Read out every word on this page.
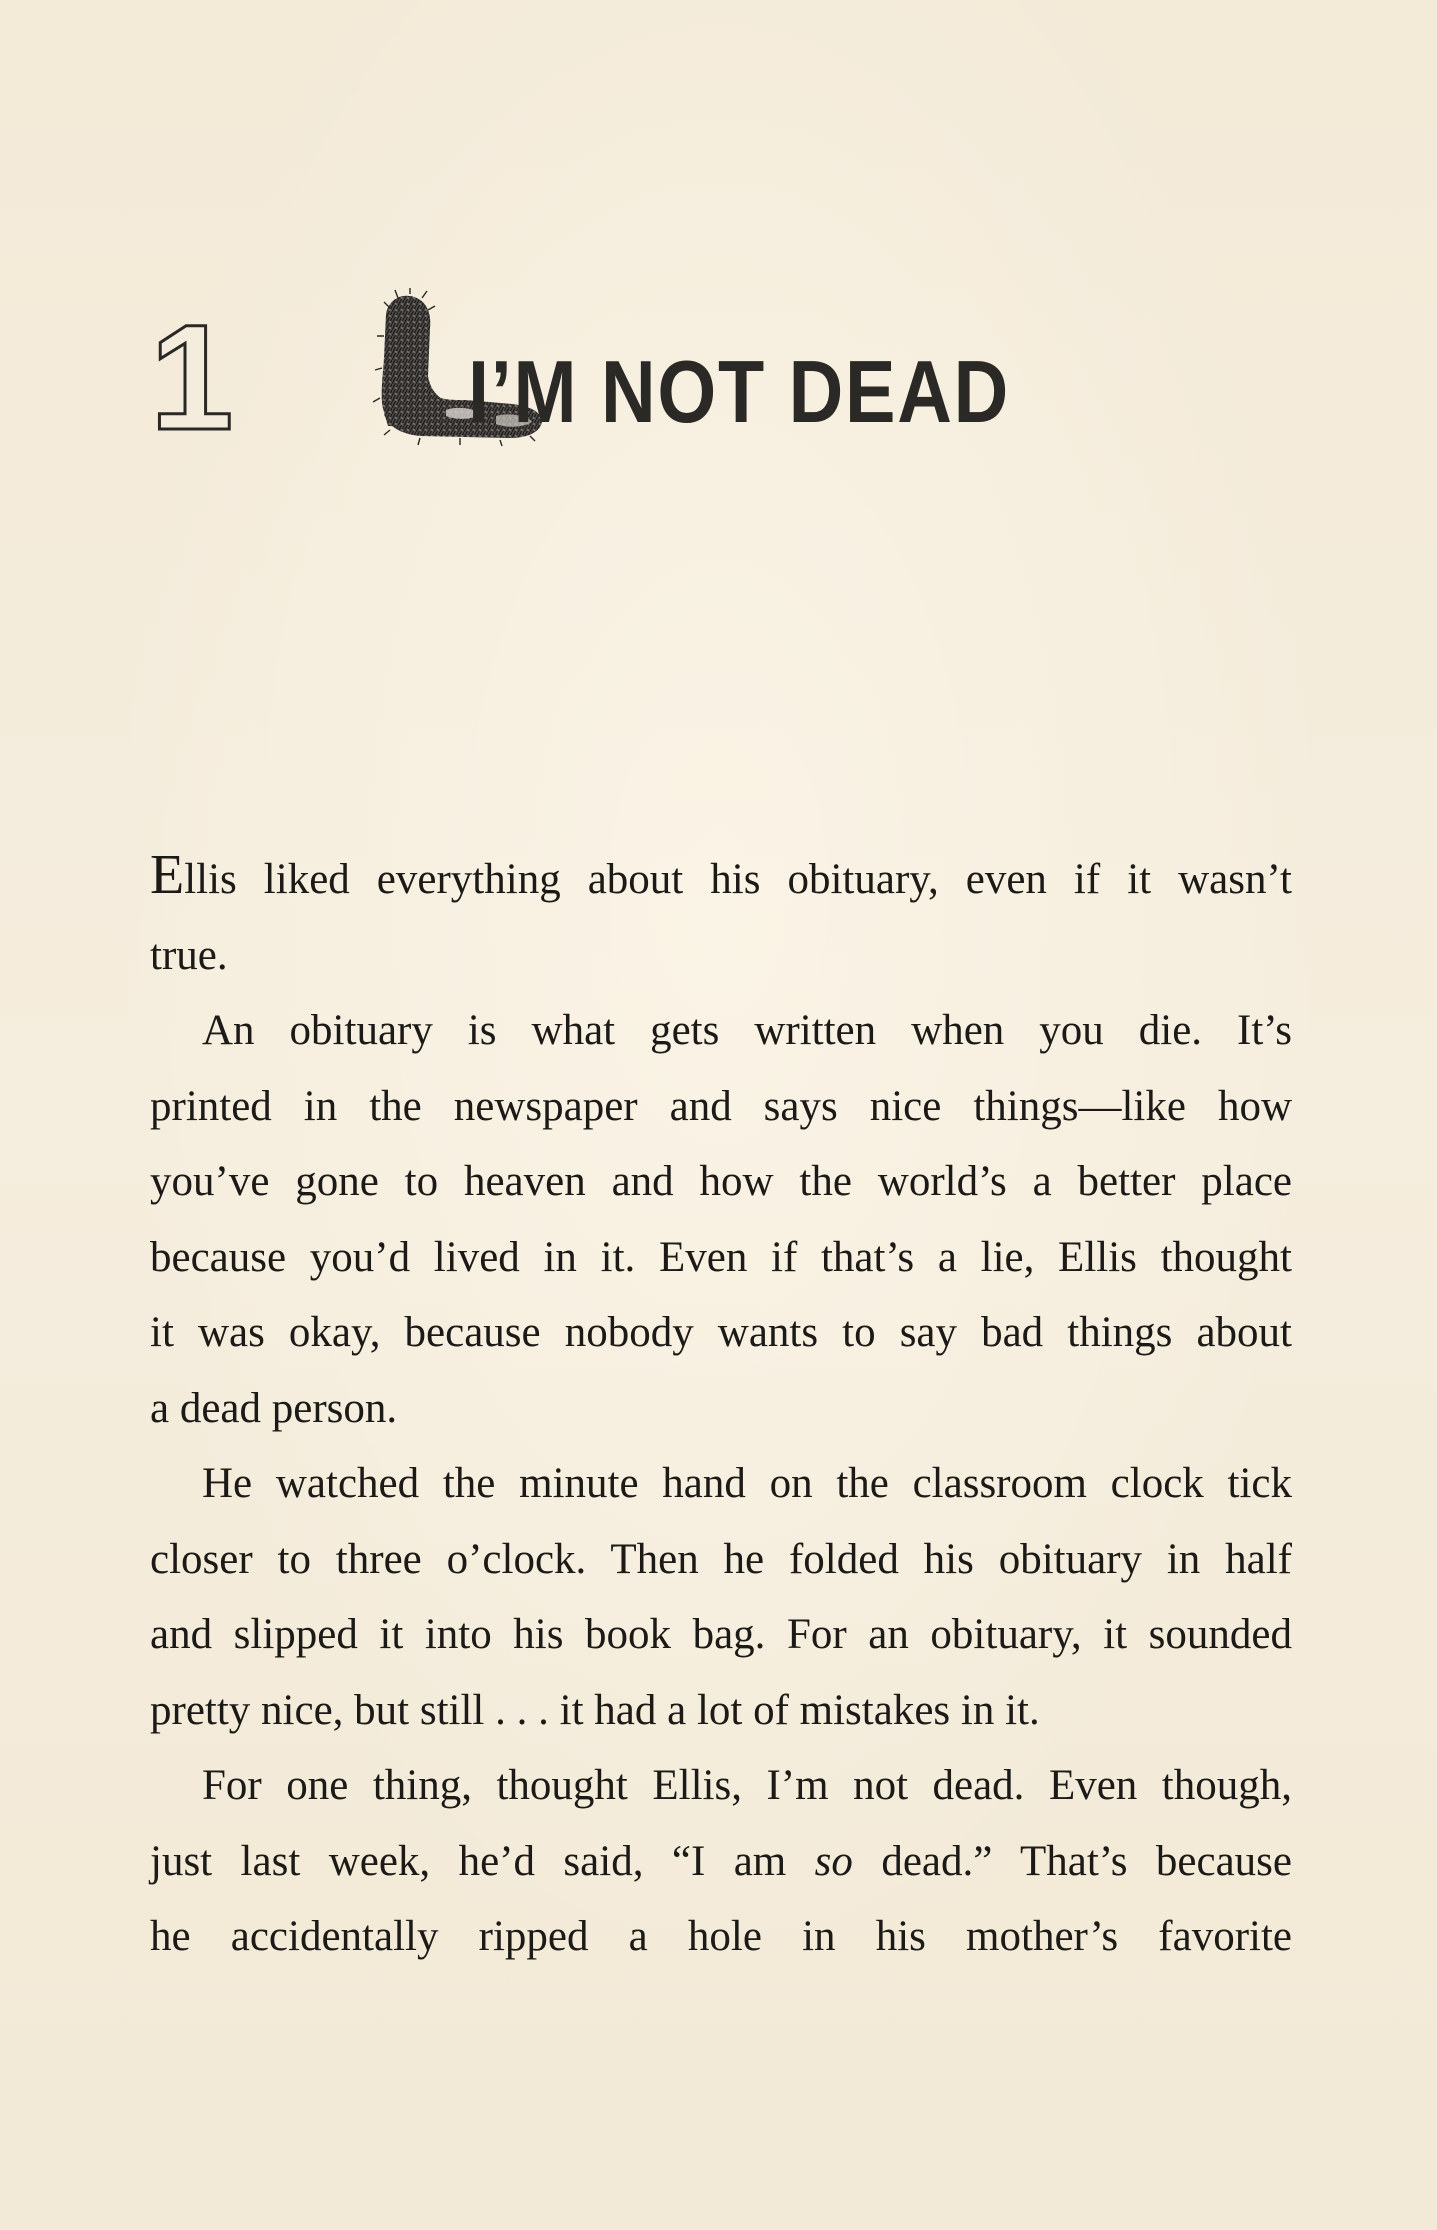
1	I’M NOT DEAD
Ellis liked everything about his obituary, even if it wasn’t
true.
An obituary is what gets written when you die. It’s
printed in the newspaper and says nice things—like how
you’ve gone to heaven and how the world’s a better place
because you’d lived in it. Even if that’s a lie, Ellis thought
it was okay, because nobody wants to say bad things about
a dead person.
He watched the minute hand on the classroom clock tick
closer to three o’clock. Then he folded his obituary in half
and slipped it into his book bag. For an obituary, it sounded
pretty nice, but still . . . it had a lot of mistakes in it.
For one thing, thought Ellis, I’m not dead. Even though,
just last week, he’d said, “I am so dead.” That’s because
he accidentally ripped a hole in his mother’s favorite
